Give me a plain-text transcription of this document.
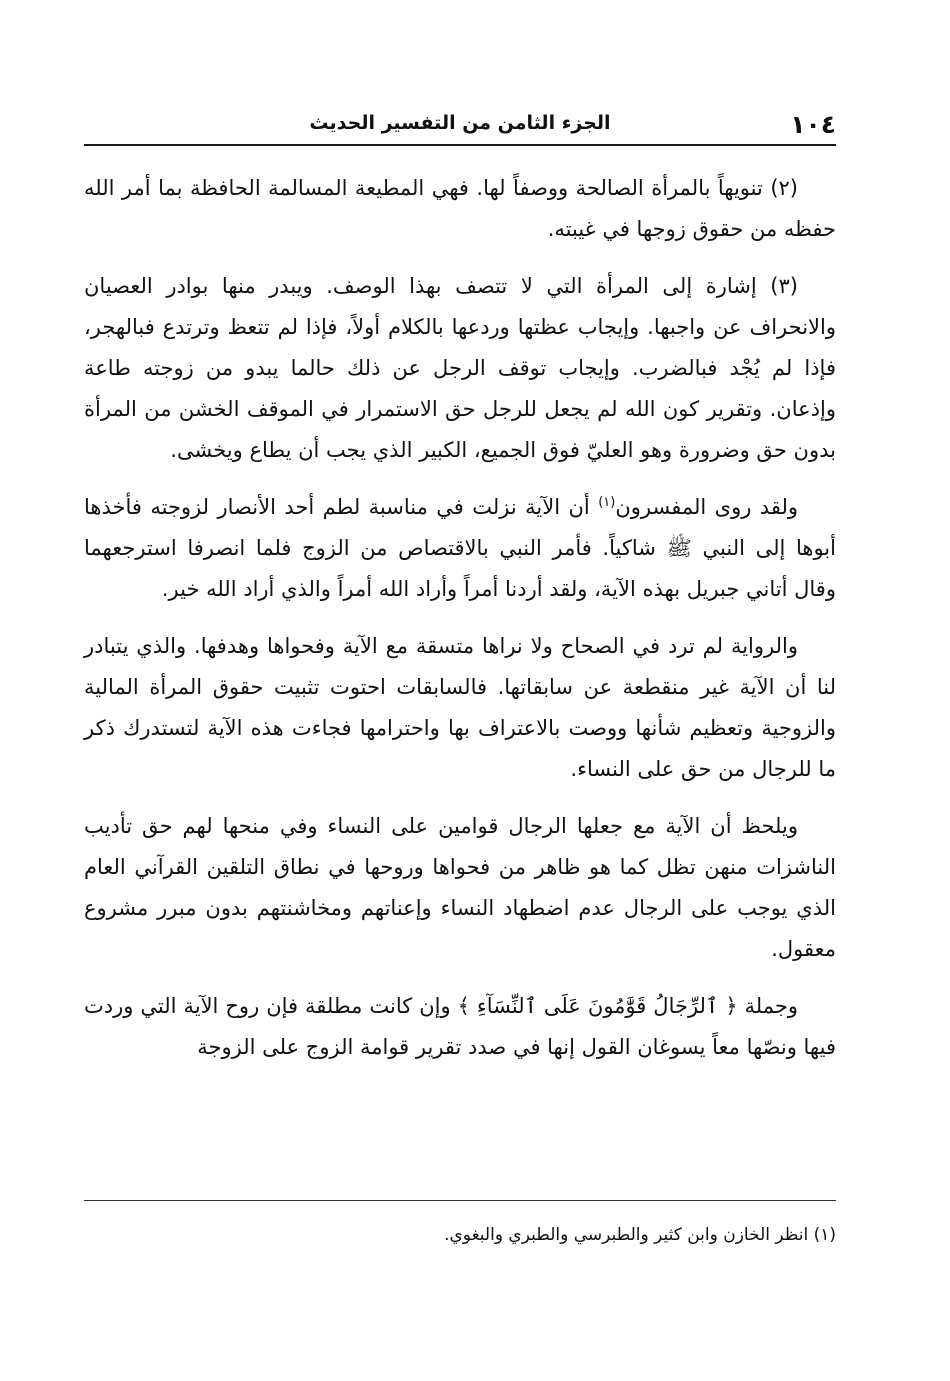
١٠٤
الجزء الثامن من التفسير الحديث

(٢) تنويهاً بالمرأة الصالحة ووصفاً لها. فهي المطيعة المسالمة الحافظة بما أمر الله حفظه من حقوق زوجها في غيبته.

(٣) إشارة إلى المرأة التي لا تتصف بهذا الوصف. ويبدر منها بوادر العصيان والانحراف عن واجبها. وإيجاب عظتها وردعها بالكلام أولاً، فإذا لم تتعظ وترتدع فبالهجر، فإذا لم يُجْد فبالضرب. وإيجاب توقف الرجل عن ذلك حالما يبدو من زوجته طاعة وإذعان. وتقرير كون الله لم يجعل للرجل حق الاستمرار في الموقف الخشن من المرأة بدون حق وضرورة وهو العليّ فوق الجميع، الكبير الذي يجب أن يطاع ويخشى.

ولقد روى المفسرون$^{(١)}$ أن الآية نزلت في مناسبة لطم أحد الأنصار لزوجته فأخذها أبوها إلى النبي ﷺ شاكياً. فأمر النبي بالاقتصاص من الزوج فلما انصرفا استرجعهما وقال أتاني جبريل بهذه الآية، ولقد أردنا أمراً وأراد الله أمراً والذي أراد الله خير.

والرواية لم ترد في الصحاح ولا نراها متسقة مع الآية وفحواها وهدفها. والذي يتبادر لنا أن الآية غير منقطعة عن سابقاتها. فالسابقات احتوت تثبيت حقوق المرأة المالية والزوجية وتعظيم شأنها ووصت بالاعتراف بها واحترامها فجاءت هذه الآية لتستدرك ذكر ما للرجال من حق على النساء.

ويلحظ أن الآية مع جعلها الرجال قوامين على النساء وفي منحها لهم حق تأديب الناشزات منهن تظل كما هو ظاهر من فحواها وروحها في نطاق التلقين القرآني العام الذي يوجب على الرجال عدم اضطهاد النساء وإعناتهم ومخاشنتهم بدون مبرر مشروع معقول.

وجملة ﴿ ٱلرِّجَالُ قَوَّٰمُونَ عَلَى ٱلنِّسَآءِ ﴾ وإن كانت مطلقة فإن روح الآية التي وردت فيها ونصّها معاً يسوغان القول إنها في صدد تقرير قوامة الزوج على الزوجة

(١) انظر الخازن وابن كثير والطبرسي والطبري والبغوي.
